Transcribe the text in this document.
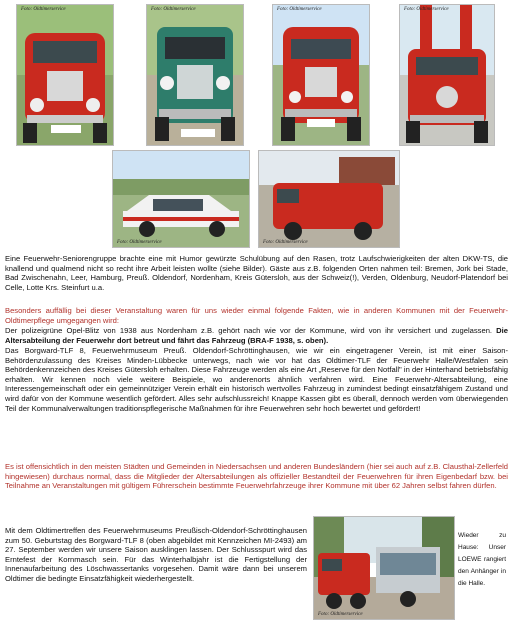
Foto: Oldtimerservice	Foto: Oldtimerservice	Foto: Oldtimerservice	Foto: Oldtimerservice
Foto: Oldtimerservice	Foto: Oldtimerservice
Eine Feuerwehr-Seniorengruppe brachte eine mit Humor gewürzte Schulübung auf den Rasen, trotz Laufschwierigkeiten der alten DKW-TS, die knallend und qualmend nicht so recht ihre Arbeit leisten wollte (siehe Bilder). Gäste aus z.B. folgenden Orten nahmen teil: Bremen, Jork bei Stade, Bad Zwischenahn, Leer, Hamburg, Preuß. Oldendorf, Nordenham, Kreis Gütersloh, aus der Schweiz(!), Verden, Oldenburg, Neudorf-Platendorf bei Celle, Lotte Krs. Steinfurt u.a.
Besonders auffällig bei dieser Veranstaltung waren für uns wieder einmal folgende Fakten, wie in anderen Kommunen mit der Feuerwehr-Oldtimerpflege umgegangen wird:
Der polizeigrüne Opel-Blitz von 1938 aus Nordenham z.B. gehört nach wie vor der Kommune, wird von ihr versichert und zugelassen. Die Altersabteilung der Feuerwehr dort betreut und fährt das Fahrzeug (BRA-F 1938, s. oben).
Das Borgward-TLF 8, Feuerwehrmuseum Preuß. Oldendorf-Schröttinghausen, wie wir ein eingetragener Verein, ist mit einer Saison-Behördenzulassung des Kreises Minden-Lübbecke unterwegs, nach wie vor hat das Oldtimer-TLF der Feuerwehr Halle/Westfalen sein Behördenkennzeichen des Kreises Gütersloh erhalten. Diese Fahrzeuge werden als eine Art „Reserve für den Notfall" in der Hinterhand betriebsfähig erhalten. Wir kennen noch viele weitere Beispiele, wo anderenorts ähnlich verfahren wird. Eine Feuerwehr-Altersabteilung, eine Interessengemeinschaft oder ein gemeinnütziger Verein erhält ein historisch wertvolles Fahrzeug in zumindest bedingt einsatzfähigem Zustand und wird dafür von der Kommune wesentlich gefördert. Alles sehr aufschlussreich! Knappe Kassen gibt es überall, dennoch werden vom überwiegenden Teil der Kommunalverwaltungen traditionspflegerische Maßnahmen für ihre Feuerwehren sehr hoch bewertet und gefördert!
Es ist offensichtlich in den meisten Städten und Gemeinden in Niedersachsen und anderen Bundesländern (hier sei auch auf z.B. Clausthal-Zellerfeld hingewiesen) durchaus normal, dass die Mitglieder der Altersabteilungen als offizieller Bestandteil der Feuerwehren für ihren Eigenbedarf bzw. bei Teilnahme an Veranstaltungen mit gültigem Führerschein bestimmte Feuerwehrfahrzeuge ihrer Kommune mit über 62 Jahren selbst fahren dürfen.
Mit dem Oldtimertreffen des Feuerwehrmuseums Preußisch-Oldendorf-Schröttinghausen zum 50. Geburtstag des Borgward-TLF 8 (oben abgebildet mit Kennzeichen MI-2493) am 27. September werden wir unsere Saison ausklingen lassen. Der Schlussspurt wird das Erntefest der Kornmasch sein. Für das Winterhalbjahr ist die Fertigstellung der Innenaufarbeitung des Löschwassertanks vorgesehen. Damit wäre dann bei unserem Oldtimer die bedingte Einsatzfähigkeit wiederhergestellt.
Foto: Oldtimerservice
Wieder zu Hause: Unser LOEWE rangiert den Anhänger in die Halle.
